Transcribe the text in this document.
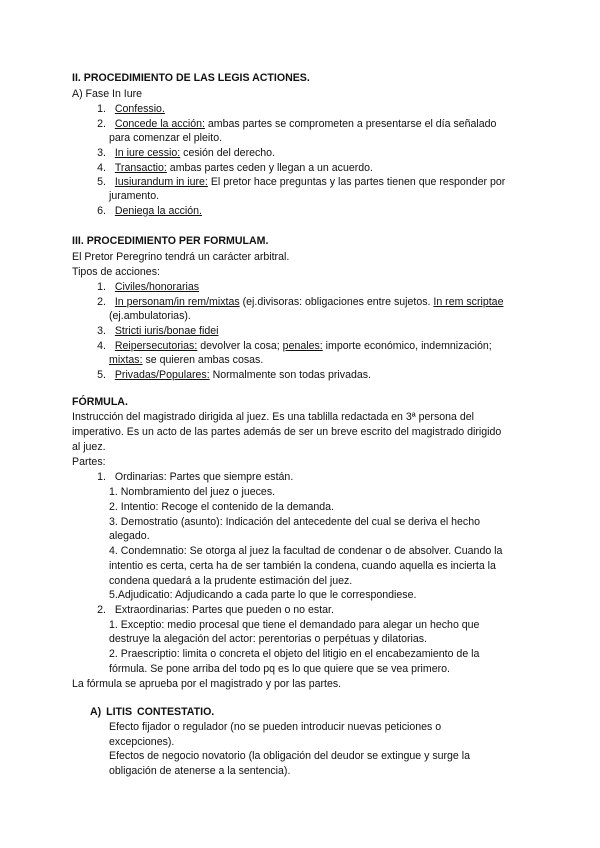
II. PROCEDIMIENTO DE LAS LEGIS ACTIONES.
A) Fase In Iure
1. Confessio.
2. Concede la acción: ambas partes se comprometen a presentarse el día señalado
3. In iure cessio: cesión del derecho.
4. Transactio: ambas partes ceden y llegan a un acuerdo.
5. Iusiurandum in iure: El pretor hace preguntas y las partes tienen que responder por
6. Deniega la acción.
para comenzar el pleito.
juramento.
III. PROCEDIMIENTO PER FORMULAM.
El Pretor Peregrino tendrá un carácter arbitral.
Tipos de acciones:
1. Civiles/honorarias
2. In personam/in rem/mixtas (ej.divisoras: obligaciones entre sujetos. In rem scriptae
(ej.ambulatorias).
3. Stricti iuris/bonae fidei
4. Reipersecutorias: devolver la cosa; penales: importe económico, indemnización;
mixtas: se quieren ambas cosas.
5. Privadas/Populares: Normalmente son todas privadas.
FÓRMULA.
Instrucción del magistrado dirigida al juez. Es una tablilla redactada en 3ª persona del
imperativo. Es un acto de las partes además de ser un breve escrito del magistrado dirigido
al juez.
Partes:
1. Ordinarias: Partes que siempre están.
1. Nombramiento del juez o jueces.
2. Intentio: Recoge el contenido de la demanda.
3. Demostratio (asunto): Indicación del antecedente del cual se deriva el hecho
alegado.
4. Condemnatio: Se otorga al juez la facultad de condenar o de absolver. Cuando la
intentio es certa, certa ha de ser también la condena, cuando aquella es incierta la
condena quedará a la prudente estimación del juez.
5.Adjudicatio: Adjudicando a cada parte lo que le correspondiese.
2. Extraordinarias: Partes que pueden o no estar.
1. Exceptio: medio procesal que tiene el demandado para alegar un hecho que
destruye la alegación del actor: perentorias o perpétuas y dilatorias.
2. Praescriptio: limita o concreta el objeto del litigio en el encabezamiento de la
fórmula. Se pone arriba del todo pq es lo que quiere que se vea primero.
La fórmula se aprueba por el magistrado y por las partes.
A) LITIS CONTESTATIO.
Efecto fijador o regulador (no se pueden introducir nuevas peticiones o
excepciones).
Efectos de negocio novatorio (la obligación del deudor se extingue y surge la
obligación de atenerse a la sentencia).
